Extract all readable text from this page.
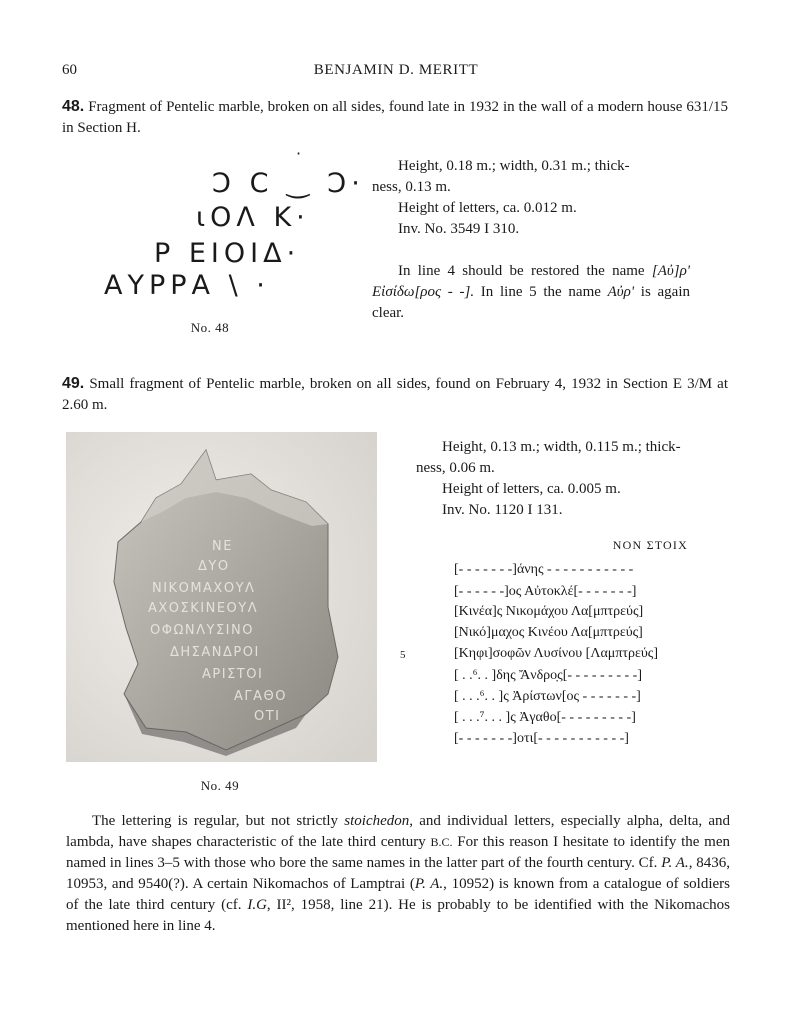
60	BENJAMIN D. MERITT
48. Fragment of Pentelic marble, broken on all sides, found late in 1932 in the wall of a modern house 631/15 in Section H.
·
Ↄ Ⅽ ‿ Ↄ·
ιΟΛ Κ·
Ρ ΕΙΟΙΔ·
ΑΥΡΡΑ \ ·
No. 48
Height, 0.18 m.; width, 0.31 m.; thick-
ness, 0.13 m.
Height of letters, ca. 0.012 m.
Inv. No. 3549 I 310.
In line 4 should be restored the name [Αὐ]ρ' Εἰσίδω[ρος - -]. In line 5 the name Αὐρ' is again clear.
49. Small fragment of Pentelic marble, broken on all sides, found on February 4, 1932 in Section E 3/M at 2.60 m.
ΝΕ
ΔΥΟ
ΝΙΚΟΜΑΧΟΥΛ
ΑΧΟΣΚΙΝΕΟΥΛ
ΟΦΩΝΛΥΣΙΝΟ
ΔΗΣΑΝΔΡΟΙ
ΑΡΙΣΤΟΙ
ΑΓΑΘΟ
ΟΤΙ
No. 49
Height, 0.13 m.; width, 0.115 m.; thick-
ness, 0.06 m.
Height of letters, ca. 0.005 m.
Inv. No. 1120 I 131.
NON ΣΤΟΙΧ
5
[- - - - - - -]άνης - - - - - - - - - - -
[- - - - - -]ος Αὐτοκλέ[- - - - - - -]
[Κινέα]ς Νικομάχου Λα[μπτρεύς]
[Νικό]μαχος Κινέου Λα[μπτρεύς]
[Κηφι]σοφῶν Λυσίνου [Λαμπτρεύς]
[ . .⁶. . ]δης Ἄνδρο̣ς[- - - - - - - - -]
[ . . .⁶. . ]ς Ἀρίστων[ος - - - - - - -]
[ . . .⁷. . . ]ς Ἀγαθο[- - - - - - - - -]
[- - - - - - -]οτι[- - - - - - - - - - -]
The lettering is regular, but not strictly stoichedon, and individual letters, especially alpha, delta, and lambda, have shapes characteristic of the late third century B.C. For this reason I hesitate to identify the men named in lines 3–5 with those who bore the same names in the latter part of the fourth century. Cf. P. A., 8436, 10953, and 9540(?). A certain Nikomachos of Lamptrai (P. A., 10952) is known from a catalogue of soldiers of the late third century (cf. I.G, II², 1958, line 21). He is probably to be identified with the Nikomachos mentioned here in line 4.
